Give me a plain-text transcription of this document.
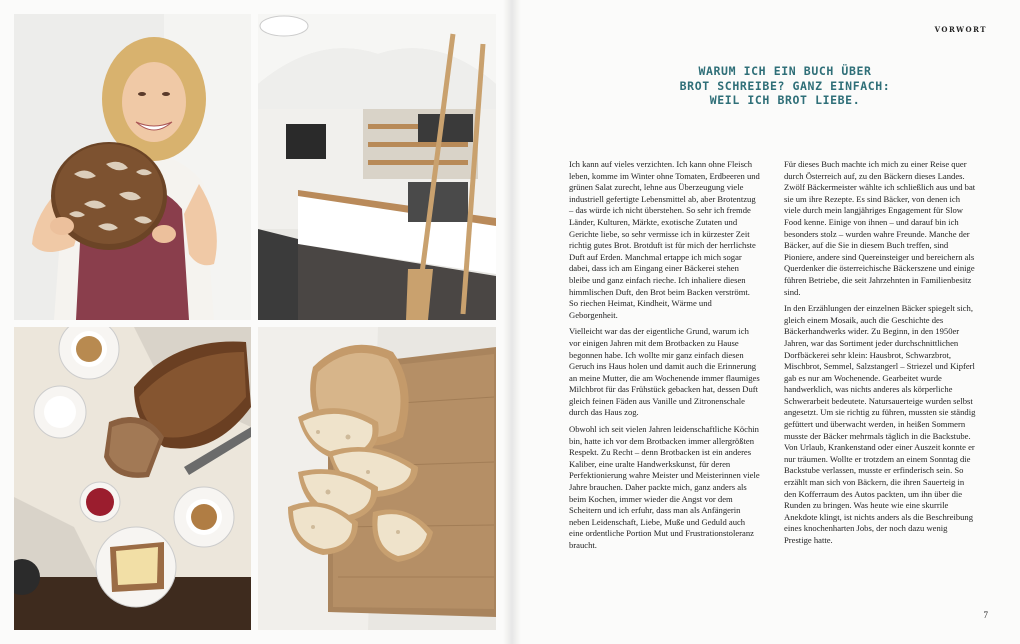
VORWORT
WARUM ICH EIN BUCH ÜBER
BROT SCHREIBE? GANZ EINFACH:
WEIL ICH BROT LIEBE.

Ich kann auf vieles verzichten. Ich kann ohne Fleisch leben, komme im Winter ohne Tomaten, Erdbeeren und grünen Salat zurecht, lehne aus Überzeugung viele industriell gefertigte Lebensmittel ab, aber Brotentzug – das würde ich nicht überstehen. So sehr ich fremde Länder, Kulturen, Märkte, exotische Zutaten und Gerichte liebe, so sehr vermisse ich in kürzester Zeit richtig gutes Brot. Brotduft ist für mich der herrlichste Duft auf Erden. Manchmal ertappe ich mich sogar dabei, dass ich am Eingang einer Bäckerei stehen bleibe und ganz einfach rieche. Ich inhaliere diesen himmlischen Duft, den Brot beim Backen verströmt. So riechen Heimat, Kindheit, Wärme und Geborgenheit.

Vielleicht war das der eigentliche Grund, warum ich vor einigen Jahren mit dem Brotbacken zu Hause begonnen habe. Ich wollte mir ganz einfach diesen Geruch ins Haus holen und damit auch die Erinnerung an meine Mutter, die am Wochenende immer flaumiges Milchbrot für das Frühstück gebacken hat, dessen Duft gleich feinen Fäden aus Vanille und Zitronenschale durch das Haus zog.

Obwohl ich seit vielen Jahren leidenschaftliche Köchin bin, hatte ich vor dem Brotbacken immer allergrößten Respekt. Zu Recht – denn Brotbacken ist ein anderes Kaliber, eine uralte Handwerkskunst, für deren Perfektionierung wahre Meister und Meisterinnen viele Jahre brauchen. Daher packte mich, ganz anders als beim Kochen, immer wieder die Angst vor dem Scheitern und ich erfuhr, dass man als Anfängerin neben Leidenschaft, Liebe, Muße und Geduld auch eine ordentliche Portion Mut und Frustrationstoleranz braucht.

Für dieses Buch machte ich mich zu einer Reise quer durch Österreich auf, zu den Bäckern dieses Landes. Zwölf Bäckermeister wählte ich schließlich aus und bat sie um ihre Rezepte. Es sind Bäcker, von denen ich viele durch mein langjähriges Engagement für Slow Food kenne. Einige von ihnen – und darauf bin ich besonders stolz – wurden wahre Freunde. Manche der Bäcker, auf die Sie in diesem Buch treffen, sind Pioniere, andere sind Quereinsteiger und bereichern als Querdenker die österreichische Bäckerszene und einige führen Betriebe, die seit Jahrzehnten in Familienbesitz sind.

In den Erzählungen der einzelnen Bäcker spiegelt sich, gleich einem Mosaik, auch die Geschichte des Bäckerhandwerks wider. Zu Beginn, in den 1950er Jahren, war das Sortiment jeder durchschnittlichen Dorfbäckerei sehr klein: Hausbrot, Schwarzbrot, Mischbrot, Semmel, Salzstangerl – Striezel und Kipferl gab es nur am Wochenende. Gearbeitet wurde handwerklich, was nichts anderes als körperliche Schwerarbeit bedeutete. Natursauerteige wurden selbst angesetzt. Um sie richtig zu führen, mussten sie ständig gefüttert und überwacht werden, in heißen Sommern musste der Bäcker mehrmals täglich in die Backstube. Von Urlaub, Krankenstand oder einer Auszeit konnte er nur träumen. Wollte er trotzdem an einem Sonntag die Backstube verlassen, musste er erfinderisch sein. So erzählt man sich von Bäckern, die ihren Sauerteig in den Kofferraum des Autos packten, um ihn über die Runden zu bringen. Was heute wie eine skurrile Anekdote klingt, ist nichts anders als die Beschreibung eines knochenharten Jobs, der noch dazu wenig Prestige hatte.

7
